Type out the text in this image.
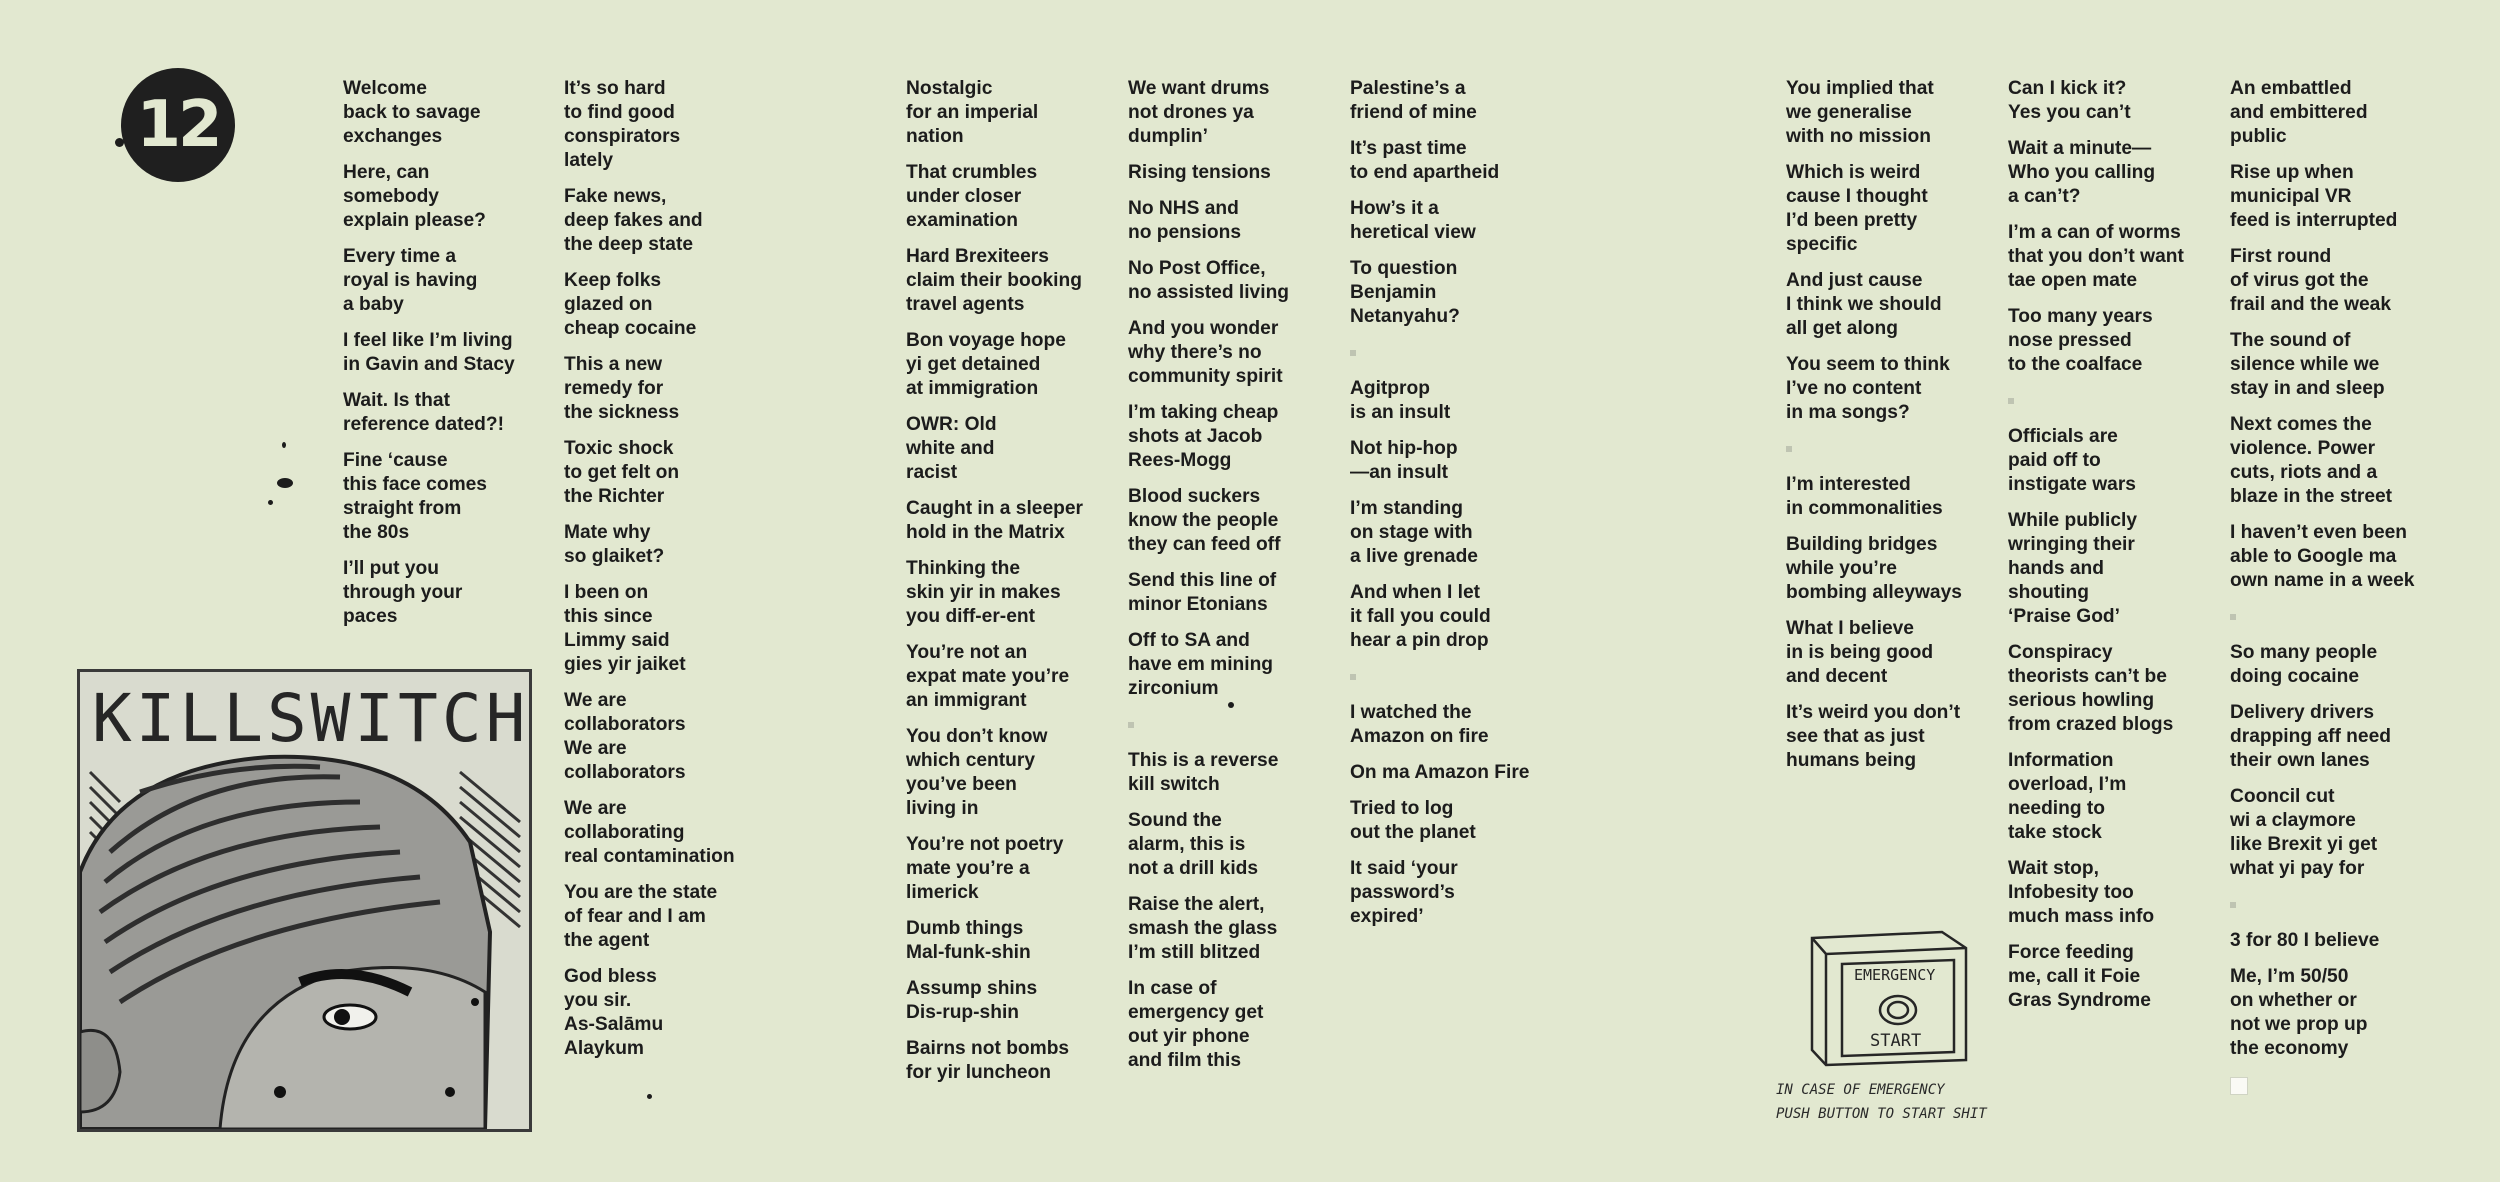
12	Welcome
back to savage
exchanges
Here, can
somebody
explain please?
Every time a
royal is having
a baby
I feel like I’m living
in Gavin and Stacy
Wait. Is that
reference dated?!
Fine ‘cause
this face comes
straight from
the 80s
I’ll put you
through your
paces
It’s so hard
to find good
conspirators
lately
Fake news,
deep fakes and
the deep state
Keep folks
glazed on
cheap cocaine
This a new
remedy for
the sickness
Toxic shock
to get felt on
the Richter
Mate why
so glaiket?
I been on
this since
Limmy said
gies yir jaiket
We are
collaborators
We are
collaborators
We are
collaborating
real contamination
You are the state
of fear and I am
the agent
God bless
you sir.
As-Salāmu
Alaykum
Nostalgic
for an imperial
nation
That crumbles
under closer
examination
Hard Brexiteers
claim their booking
travel agents
Bon voyage hope
yi get detained
at immigration
OWR: Old
white and
racist
Caught in a sleeper
hold in the Matrix
Thinking the
skin yir in makes
you diff-er-ent
You’re not an
expat mate you’re
an immigrant
You don’t know
which century
you’ve been
living in
You’re not poetry
mate you’re a
limerick
Dumb things
Mal-funk-shin
Assump shins
Dis-rup-shin
Bairns not bombs
for yir luncheon
We want drums
not drones ya
dumplin’
Rising tensions
No NHS and
no pensions
No Post Office,
no assisted living
And you wonder
why there’s no
community spirit
I’m taking cheap
shots at Jacob
Rees-Mogg
Blood suckers
know the people
they can feed off
Send this line of
minor Etonians
Off to SA and
have em mining
zirconium
This is a reverse
kill switch
Sound the
alarm, this is
not a drill kids
Raise the alert,
smash the glass
I’m still blitzed
In case of
emergency get
out yir phone
and film this
Palestine’s a
friend of mine
It’s past time
to end apartheid
How’s it a
heretical view
To question
Benjamin
Netanyahu?
Agitprop
is an insult
Not hip-hop
—an insult
I’m standing
on stage with
a live grenade
And when I let
it fall you could
hear a pin drop
I watched the
Amazon on fire
On ma Amazon Fire
Tried to log
out the planet
It said ‘your
password’s
expired’
You implied that
we generalise
with no mission
Which is weird
cause I thought
I’d been pretty
specific
And just cause
I think we should
all get along
You seem to think
I’ve no content
in ma songs?
I’m interested
in commonalities
Building bridges
while you’re
bombing alleyways
What I believe
in is being good
and decent
It’s weird you don’t
see that as just
humans being
Can I kick it?
Yes you can’t
Wait a minute—
Who you calling
a can’t?
I’m a can of worms
that you don’t want
tae open mate
Too many years
nose pressed
to the coalface
Officials are
paid off to
instigate wars
While publicly
wringing their
hands and
shouting
‘Praise God’
Conspiracy
theorists can’t be
serious howling
from crazed blogs
Information
overload, I’m
needing to
take stock
Wait stop,
Infobesity too
much mass info
Force feeding
me, call it Foie
Gras Syndrome
An embattled
and embittered
public
Rise up when
municipal VR
feed is interrupted
First round
of virus got the
frail and the weak
The sound of
silence while we
stay in and sleep
Next comes the
violence. Power
cuts, riots and a
blaze in the street
I haven’t even been
able to Google ma
own name in a week
So many people
doing cocaine
Delivery drivers
drapping aff need
their own lanes
Cooncil cut
wi a claymore
like Brexit yi get
what yi pay for
3 for 80 I believe
Me, I’m 50/50
on whether or
not we prop up
the economy
KILLSWITCH
EMERGENCY
START
IN CASE OF EMERGENCY
PUSH BUTTON TO START SHIT
